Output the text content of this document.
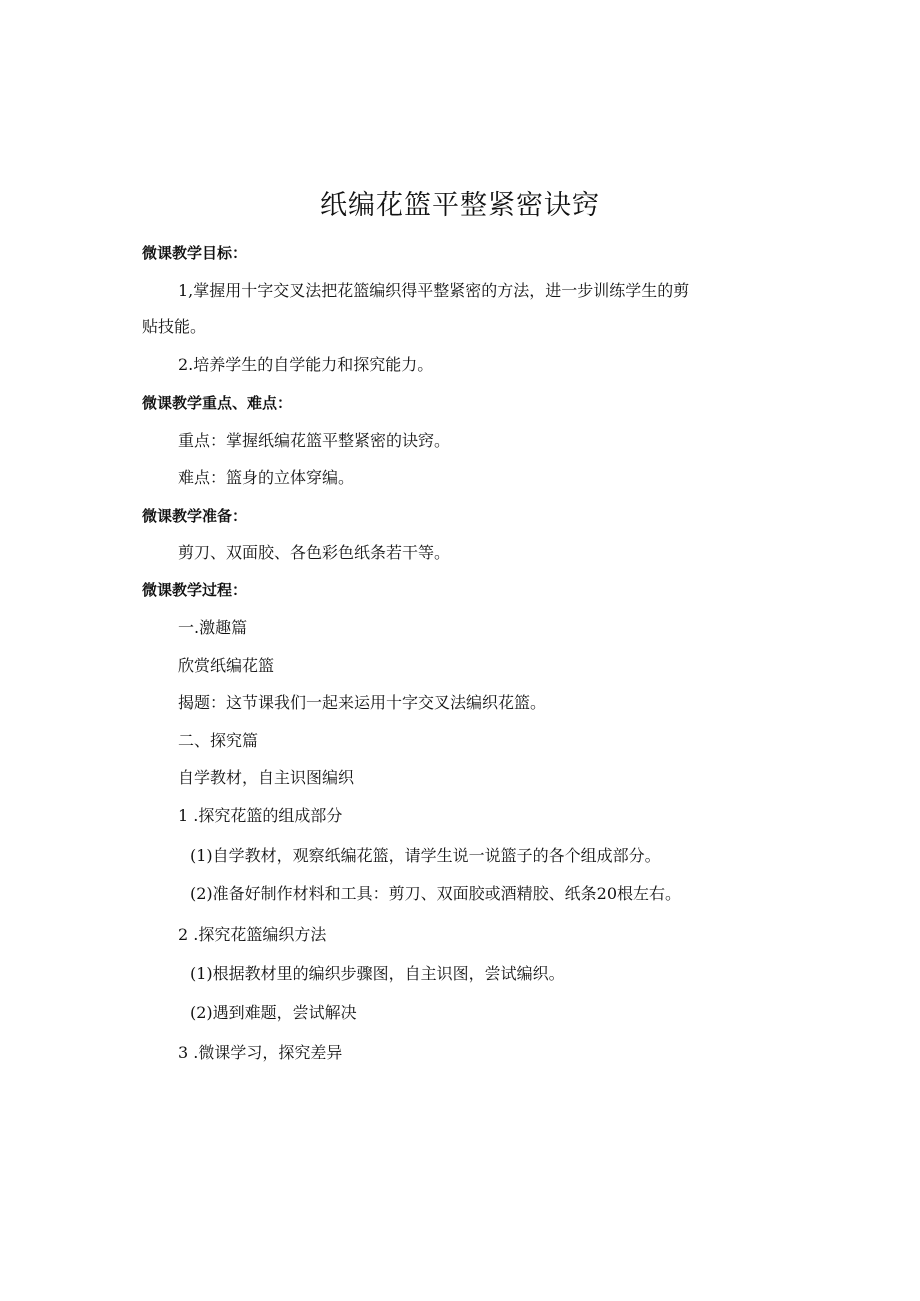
纸编花篮平整紧密诀窍

微课教学目标：

1,掌握用十字交叉法把花篮编织得平整紧密的方法，进一步训练学生的剪

贴技能。

2.培养学生的自学能力和探究能力。

微课教学重点、难点：

重点：掌握纸编花篮平整紧密的诀窍。

难点：篮身的立体穿编。

微课教学准备：

剪刀、双面胶、各色彩色纸条若干等。

微课教学过程：

一.激趣篇

欣赏纸编花篮

揭题：这节课我们一起来运用十字交叉法编织花篮。

二、探究篇

自学教材，自主识图编织

1 .探究花篮的组成部分

(1)自学教材，观察纸编花篮，请学生说一说篮子的各个组成部分。

(2)准备好制作材料和工具：剪刀、双面胶或酒精胶、纸条20根左右。

2 .探究花篮编织方法

(1)根据教材里的编织步骤图，自主识图，尝试编织。

(2)遇到难题，尝试解决

3 .微课学习，探究差异
